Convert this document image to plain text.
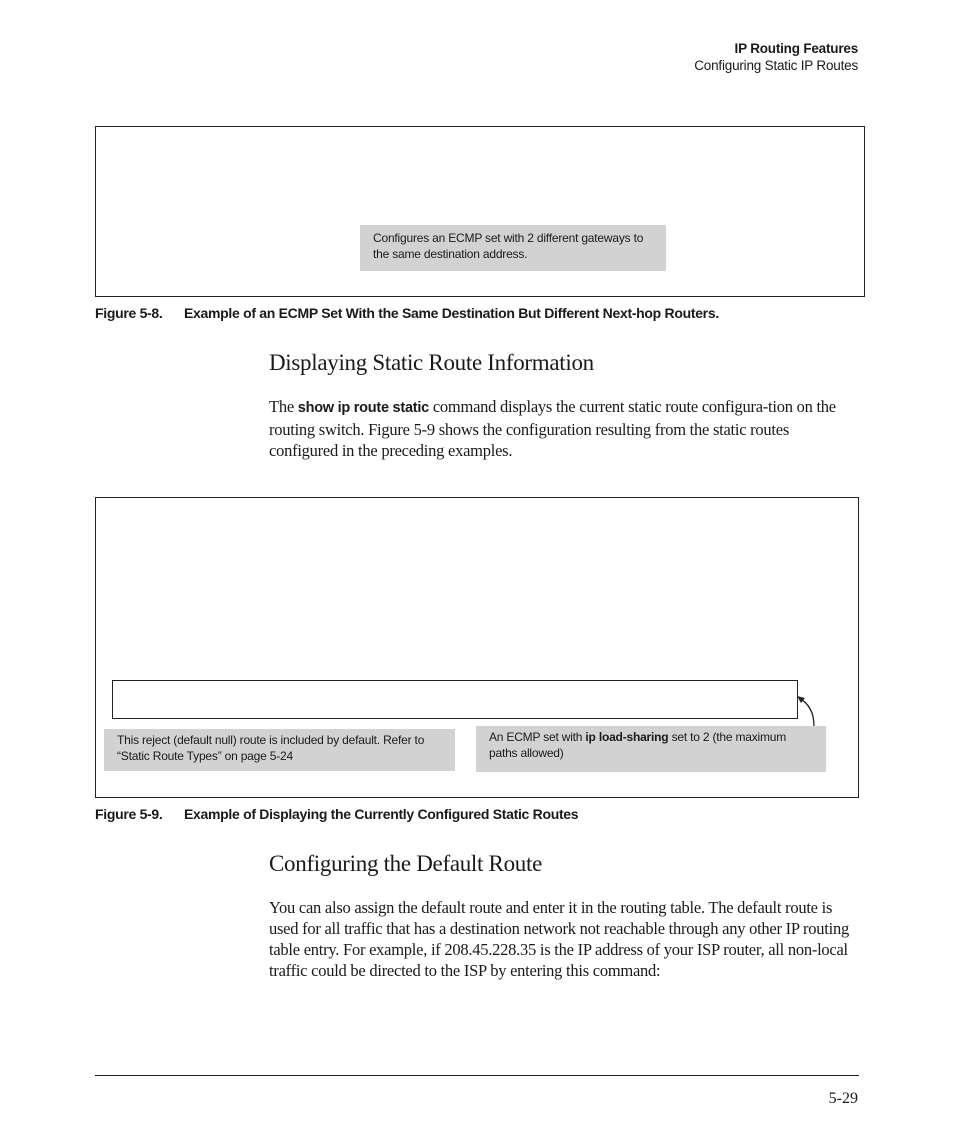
IP Routing Features
Configuring Static IP Routes
Configures an ECMP set with 2 different gateways to the same destination address.
Figure 5-8. Example of an ECMP Set With the Same Destination But Different Next-hop Routers.
Displaying Static Route Information
The show ip route static command displays the current static route configura-tion on the routing switch. Figure 5-9 shows the configuration resulting from the static routes configured in the preceding examples.
This reject (default null) route is included by default. Refer to “Static Route Types” on page 5-24
An ECMP set with ip load-sharing set to 2 (the maximum paths allowed)
Figure 5-9. Example of Displaying the Currently Configured Static Routes
Configuring the Default Route
You can also assign the default route and enter it in the routing table. The default route is used for all traffic that has a destination network not reachable through any other IP routing table entry. For example, if 208.45.228.35 is the IP address of your ISP router, all non-local traffic could be directed to the ISP by entering this command:
5-29
